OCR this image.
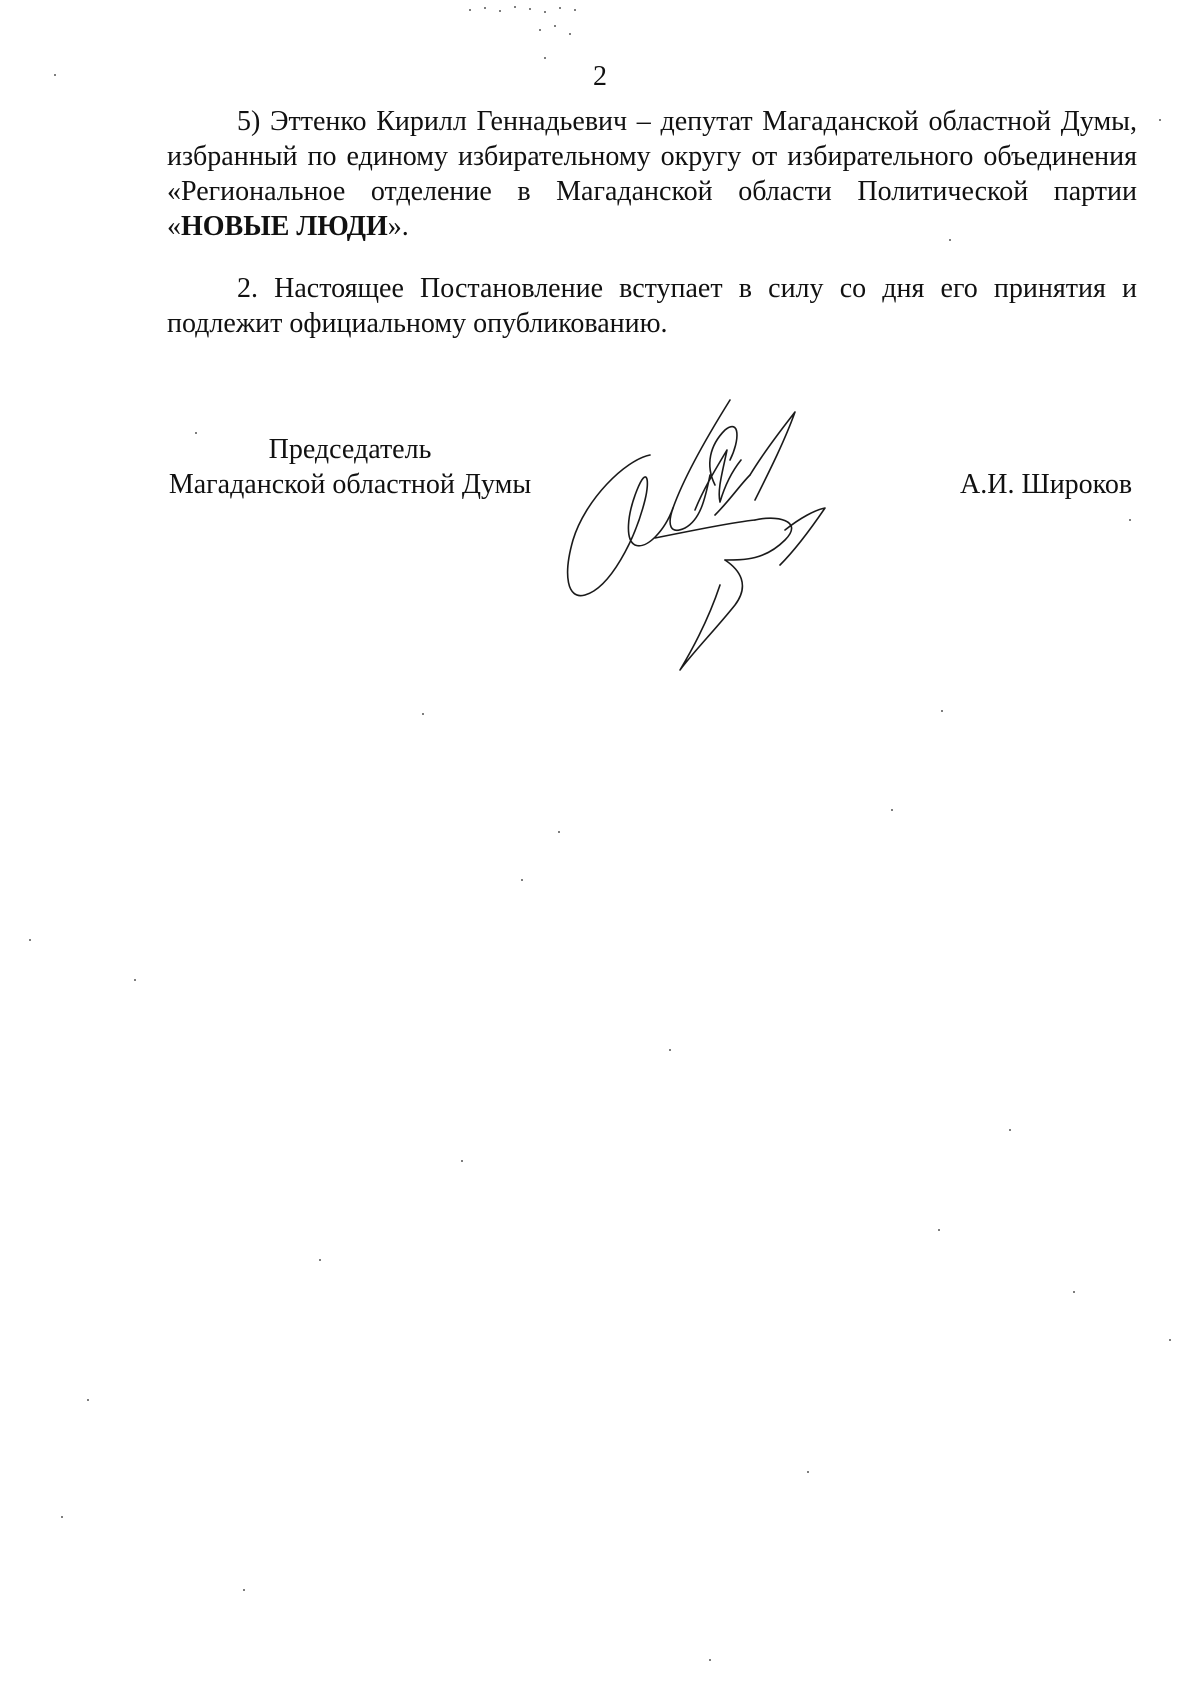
2

5) Эттенко Кирилл Геннадьевич – депутат Магаданской областной Думы, избранный по единому избирательному округу от избирательного объединения «Региональное отделение в Магаданской области Политической партии «НОВЫЕ ЛЮДИ».

2. Настоящее Постановление вступает в силу со дня его принятия и подлежит официальному опубликованию.

Председатель
Магаданской областной Думы	А.И. Широков
